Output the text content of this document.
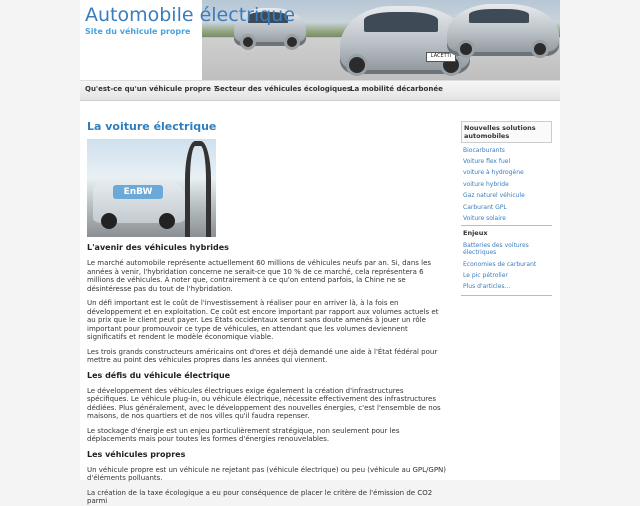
LACETTI
Automobile électrique
Site du véhicule propre
Qu'est-ce qu'un véhicule propre ?
Secteur des véhicules écologiques
La mobilité décarbonée
La voiture électrique
EnBW
L'avenir des véhicules hybrides

Le marché automobile représente actuellement 60 millions de véhicules neufs par an. Si, dans les années à venir, l'hybridation concerne ne serait-ce que 10 % de ce marché, cela représentera 6 millions de véhicules. À noter que, contrairement à ce qu'on entend parfois, la Chine ne se désintéresse pas du tout de l'hybridation.

Un défi important est le coût de l'investissement à réaliser pour en arriver là, à la fois en développement et en exploitation. Ce coût est encore important par rapport aux volumes actuels et au prix que le client peut payer. Les États occidentaux seront sans doute amenés à jouer un rôle important pour promouvoir ce type de véhicules, en attendant que les volumes deviennent significatifs et rendent le modèle économique viable.

Les trois grands constructeurs américains ont d'ores et déjà demandé une aide à l'État fédéral pour mettre au point des véhicules propres dans les années qui viennent.

Les défis du véhicule électrique

Le développement des véhicules électriques exige également la création d'infrastructures spécifiques. Le véhicule plug-in, ou véhicule électrique, nécessite effectivement des infrastructures dédiées. Plus généralement, avec le développement des nouvelles énergies, c'est l'ensemble de nos maisons, de nos quartiers et de nos villes qu'il faudra repenser.

Le stockage d'énergie est un enjeu particulièrement stratégique, non seulement pour les déplacements mais pour toutes les formes d'énergies renouvelables.

Les véhicules propres

Un véhicule propre est un véhicule ne rejetant pas (véhicule électrique) ou peu (véhicule au GPL/GPN) d'éléments polluants.

La création de la taxe écologique a eu pour conséquence de placer le critère de l'émission de CO2 parmi

Nouvelles solutions automobiles
Biocarburants
Voiture flex fuel
voiture à hydrogène
voiture hybride
Gaz naturel véhicule
Carburant GPL
Voiture solaire
Enjeux
Batteries des voitures électriques
Economies de carburant
Le pic pétrolier
Plus d'articles...
